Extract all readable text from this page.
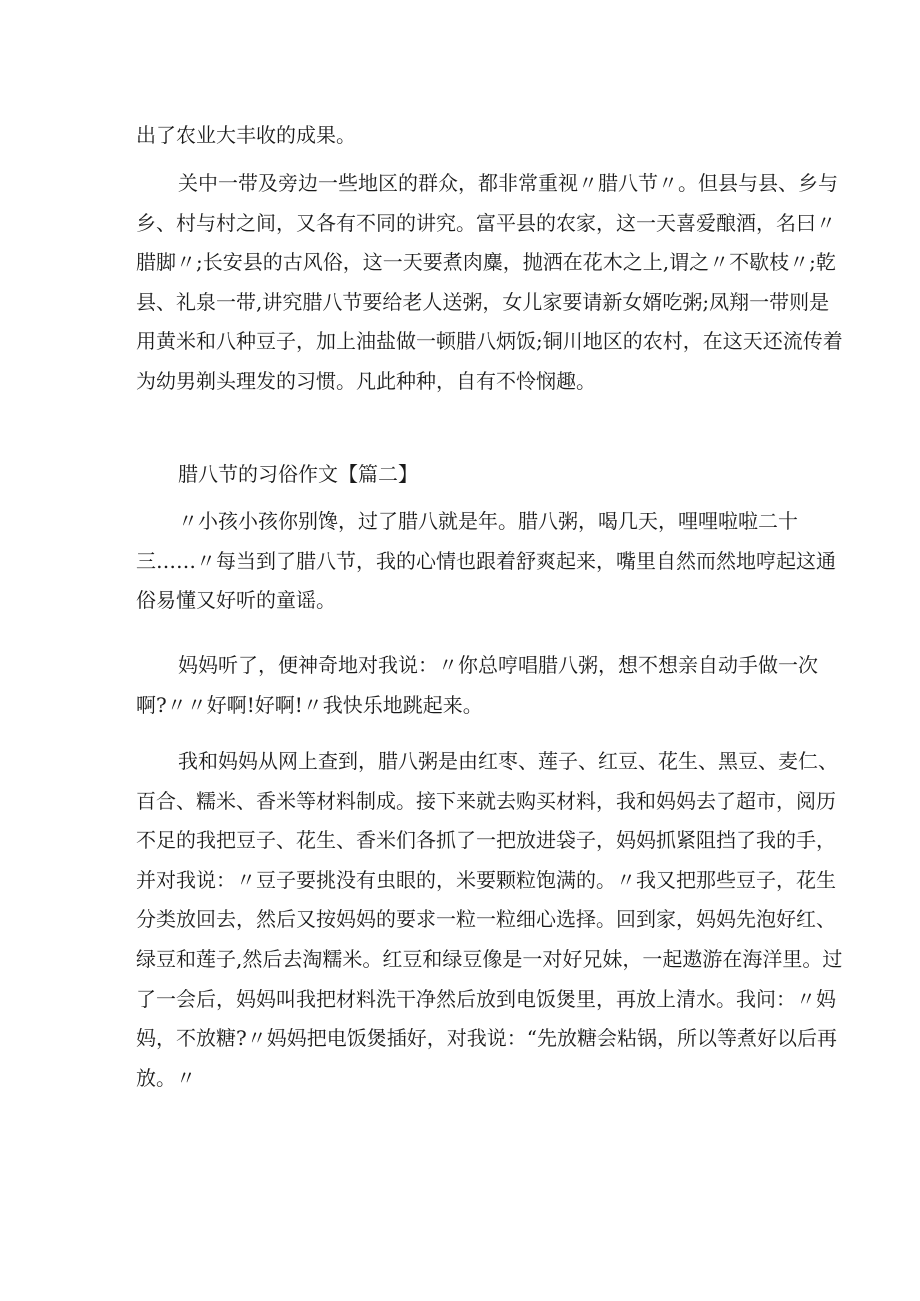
出了农业大丰收的成果。

关中一带及旁边一些地区的群众，都非常重视〃腊八节〃。但县与县、乡与
乡、村与村之间，又各有不同的讲究。富平县的农家，这一天喜爱酿酒，名曰〃
腊脚〃;长安县的古风俗，这一天要煮肉麋，抛洒在花木之上,谓之〃不歇枝〃;乾
县、礼泉一带,讲究腊八节要给老人送粥，女儿家要请新女婿吃粥;凤翔一带则是
用黄米和八种豆子，加上油盐做一顿腊八炳饭;铜川地区的农村，在这天还流传着
为幼男剃头理发的习惯。凡此种种，自有不怜悯趣。

腊八节的习俗作文【篇二】

〃小孩小孩你别馋，过了腊八就是年。腊八粥，喝几天，哩哩啦啦二十
三……〃每当到了腊八节，我的心情也跟着舒爽起来，嘴里自然而然地哼起这通
俗易懂又好听的童谣。

妈妈听了，便神奇地对我说：〃你总哼唱腊八粥，想不想亲自动手做一次
啊?〃〃好啊!好啊!〃我快乐地跳起来。

我和妈妈从网上查到，腊八粥是由红枣、莲子、红豆、花生、黑豆、麦仁、
百合、糯米、香米等材料制成。接下来就去购买材料，我和妈妈去了超市，阅历
不足的我把豆子、花生、香米们各抓了一把放进袋子，妈妈抓紧阻挡了我的手，
并对我说：〃豆子要挑没有虫眼的，米要颗粒饱满的。〃我又把那些豆子，花生
分类放回去，然后又按妈妈的要求一粒一粒细心选择。回到家，妈妈先泡好红、
绿豆和莲子,然后去淘糯米。红豆和绿豆像是一对好兄妹，一起遨游在海洋里。过
了一会后，妈妈叫我把材料洗干净然后放到电饭煲里，再放上清水。我问：〃妈
妈，不放糖?〃妈妈把电饭煲插好，对我说：“先放糖会粘锅，所以等煮好以后再
放。〃
